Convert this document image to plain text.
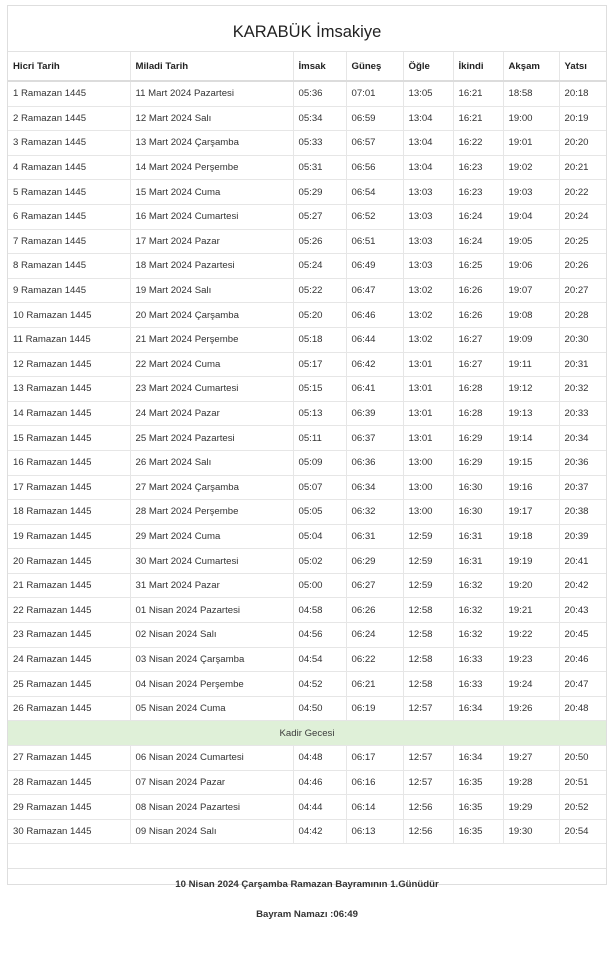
KARABÜK İmsakiye
Hicri Tarih	Miladi Tarih	İmsak	Güneş	Öğle	İkindi	Akşam	Yatsı
1 Ramazan 1445	11 Mart 2024 Pazartesi	05:36	07:01	13:05	16:21	18:58	20:18
2 Ramazan 1445	12 Mart 2024 Salı	05:34	06:59	13:04	16:21	19:00	20:19
3 Ramazan 1445	13 Mart 2024 Çarşamba	05:33	06:57	13:04	16:22	19:01	20:20
4 Ramazan 1445	14 Mart 2024 Perşembe	05:31	06:56	13:04	16:23	19:02	20:21
5 Ramazan 1445	15 Mart 2024 Cuma	05:29	06:54	13:03	16:23	19:03	20:22
6 Ramazan 1445	16 Mart 2024 Cumartesi	05:27	06:52	13:03	16:24	19:04	20:24
7 Ramazan 1445	17 Mart 2024 Pazar	05:26	06:51	13:03	16:24	19:05	20:25
8 Ramazan 1445	18 Mart 2024 Pazartesi	05:24	06:49	13:03	16:25	19:06	20:26
9 Ramazan 1445	19 Mart 2024 Salı	05:22	06:47	13:02	16:26	19:07	20:27
10 Ramazan 1445	20 Mart 2024 Çarşamba	05:20	06:46	13:02	16:26	19:08	20:28
11 Ramazan 1445	21 Mart 2024 Perşembe	05:18	06:44	13:02	16:27	19:09	20:30
12 Ramazan 1445	22 Mart 2024 Cuma	05:17	06:42	13:01	16:27	19:11	20:31
13 Ramazan 1445	23 Mart 2024 Cumartesi	05:15	06:41	13:01	16:28	19:12	20:32
14 Ramazan 1445	24 Mart 2024 Pazar	05:13	06:39	13:01	16:28	19:13	20:33
15 Ramazan 1445	25 Mart 2024 Pazartesi	05:11	06:37	13:01	16:29	19:14	20:34
16 Ramazan 1445	26 Mart 2024 Salı	05:09	06:36	13:00	16:29	19:15	20:36
17 Ramazan 1445	27 Mart 2024 Çarşamba	05:07	06:34	13:00	16:30	19:16	20:37
18 Ramazan 1445	28 Mart 2024 Perşembe	05:05	06:32	13:00	16:30	19:17	20:38
19 Ramazan 1445	29 Mart 2024 Cuma	05:04	06:31	12:59	16:31	19:18	20:39
20 Ramazan 1445	30 Mart 2024 Cumartesi	05:02	06:29	12:59	16:31	19:19	20:41
21 Ramazan 1445	31 Mart 2024 Pazar	05:00	06:27	12:59	16:32	19:20	20:42
22 Ramazan 1445	01 Nisan 2024 Pazartesi	04:58	06:26	12:58	16:32	19:21	20:43
23 Ramazan 1445	02 Nisan 2024 Salı	04:56	06:24	12:58	16:32	19:22	20:45
24 Ramazan 1445	03 Nisan 2024 Çarşamba	04:54	06:22	12:58	16:33	19:23	20:46
25 Ramazan 1445	04 Nisan 2024 Perşembe	04:52	06:21	12:58	16:33	19:24	20:47
26 Ramazan 1445	05 Nisan 2024 Cuma	04:50	06:19	12:57	16:34	19:26	20:48
Kadir Gecesi							
27 Ramazan 1445	06 Nisan 2024 Cumartesi	04:48	06:17	12:57	16:34	19:27	20:50
28 Ramazan 1445	07 Nisan 2024 Pazar	04:46	06:16	12:57	16:35	19:28	20:51
29 Ramazan 1445	08 Nisan 2024 Pazartesi	04:44	06:14	12:56	16:35	19:29	20:52
30 Ramazan 1445	09 Nisan 2024 Salı	04:42	06:13	12:56	16:35	19:30	20:54
10 Nisan 2024 Çarşamba Ramazan Bayramının 1.Günüdür
Bayram Namazı :06:49
